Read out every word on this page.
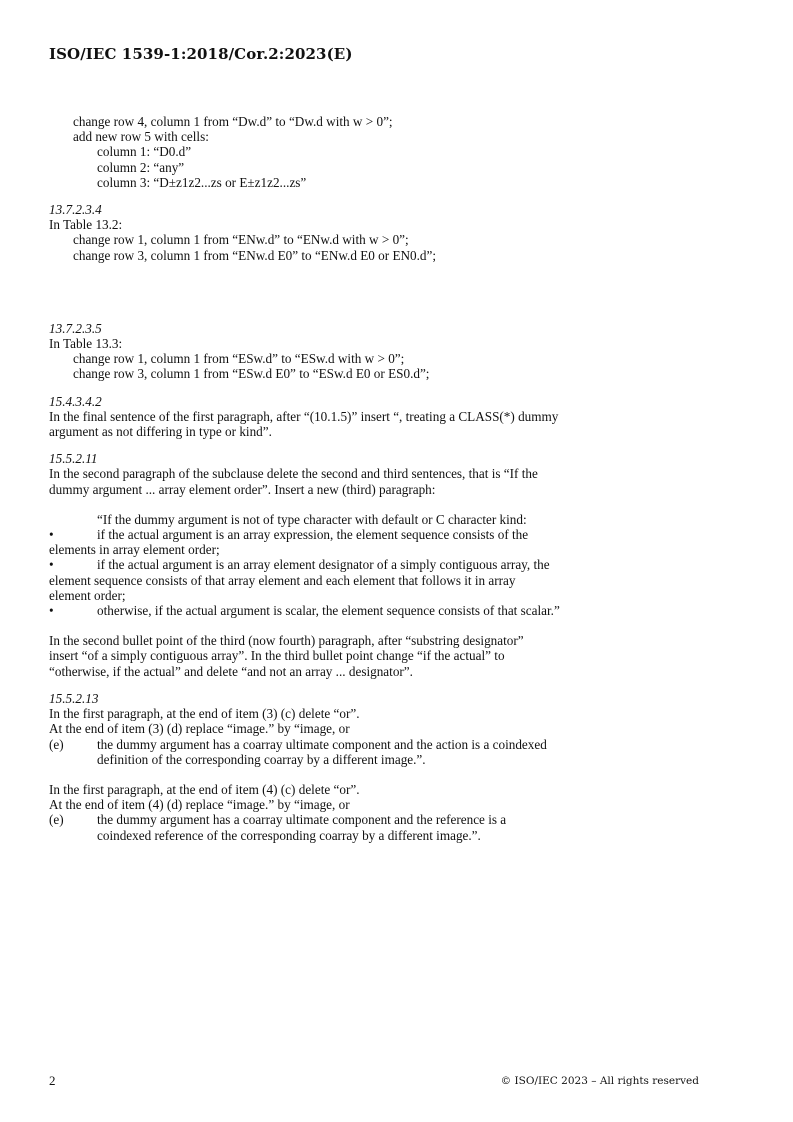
ISO/IEC 1539-1:2018/Cor.2:2023(E)
change row 4, column 1 from “Dw.d” to “Dw.d with w > 0”;
add new row 5 with cells:
column 1: “D0.d”
column 2: “any”
column 3: “D±z1z2...zs or E±z1z2...zs”
13.7.2.3.4
In Table 13.2:
change row 1, column 1 from “ENw.d” to “ENw.d with w > 0”;
change row 3, column 1 from “ENw.d E0” to “ENw.d E0 or EN0.d”;
13.7.2.3.5
In Table 13.3:
change row 1, column 1 from “ESw.d” to “ESw.d with w > 0”;
change row 3, column 1 from “ESw.d E0” to “ESw.d E0 or ES0.d”;
15.4.3.4.2
In the final sentence of the first paragraph, after “(10.1.5)” insert “, treating a CLASS(*) dummy
argument as not differing in type or kind”.
15.5.2.11
In the second paragraph of the subclause delete the second and third sentences, that is “If the
dummy argument ... array element order”. Insert a new (third) paragraph:
“If the dummy argument is not of type character with default or C character kind:
•	if the actual argument is an array expression, the element sequence consists of the
elements in array element order;
•	if the actual argument is an array element designator of a simply contiguous array, the
element sequence consists of that array element and each element that follows it in array
element order;
•	otherwise, if the actual argument is scalar, the element sequence consists of that scalar.”
In the second bullet point of the third (now fourth) paragraph, after “substring designator”
insert “of a simply contiguous array”. In the third bullet point change “if the actual” to
“otherwise, if the actual” and delete “and not an array ... designator”.
15.5.2.13
In the first paragraph, at the end of item (3) (c) delete “or”.
At the end of item (3) (d) replace “image.” by “image, or
(e)	the dummy argument has a coarray ultimate component and the action is a coindexed
definition of the corresponding coarray by a different image.”.
In the first paragraph, at the end of item (4) (c) delete “or”.
At the end of item (4) (d) replace “image.” by “image, or
(e)	the dummy argument has a coarray ultimate component and the reference is a
coindexed reference of the corresponding coarray by a different image.”.
2	© ISO/IEC 2023 – All rights reserved
